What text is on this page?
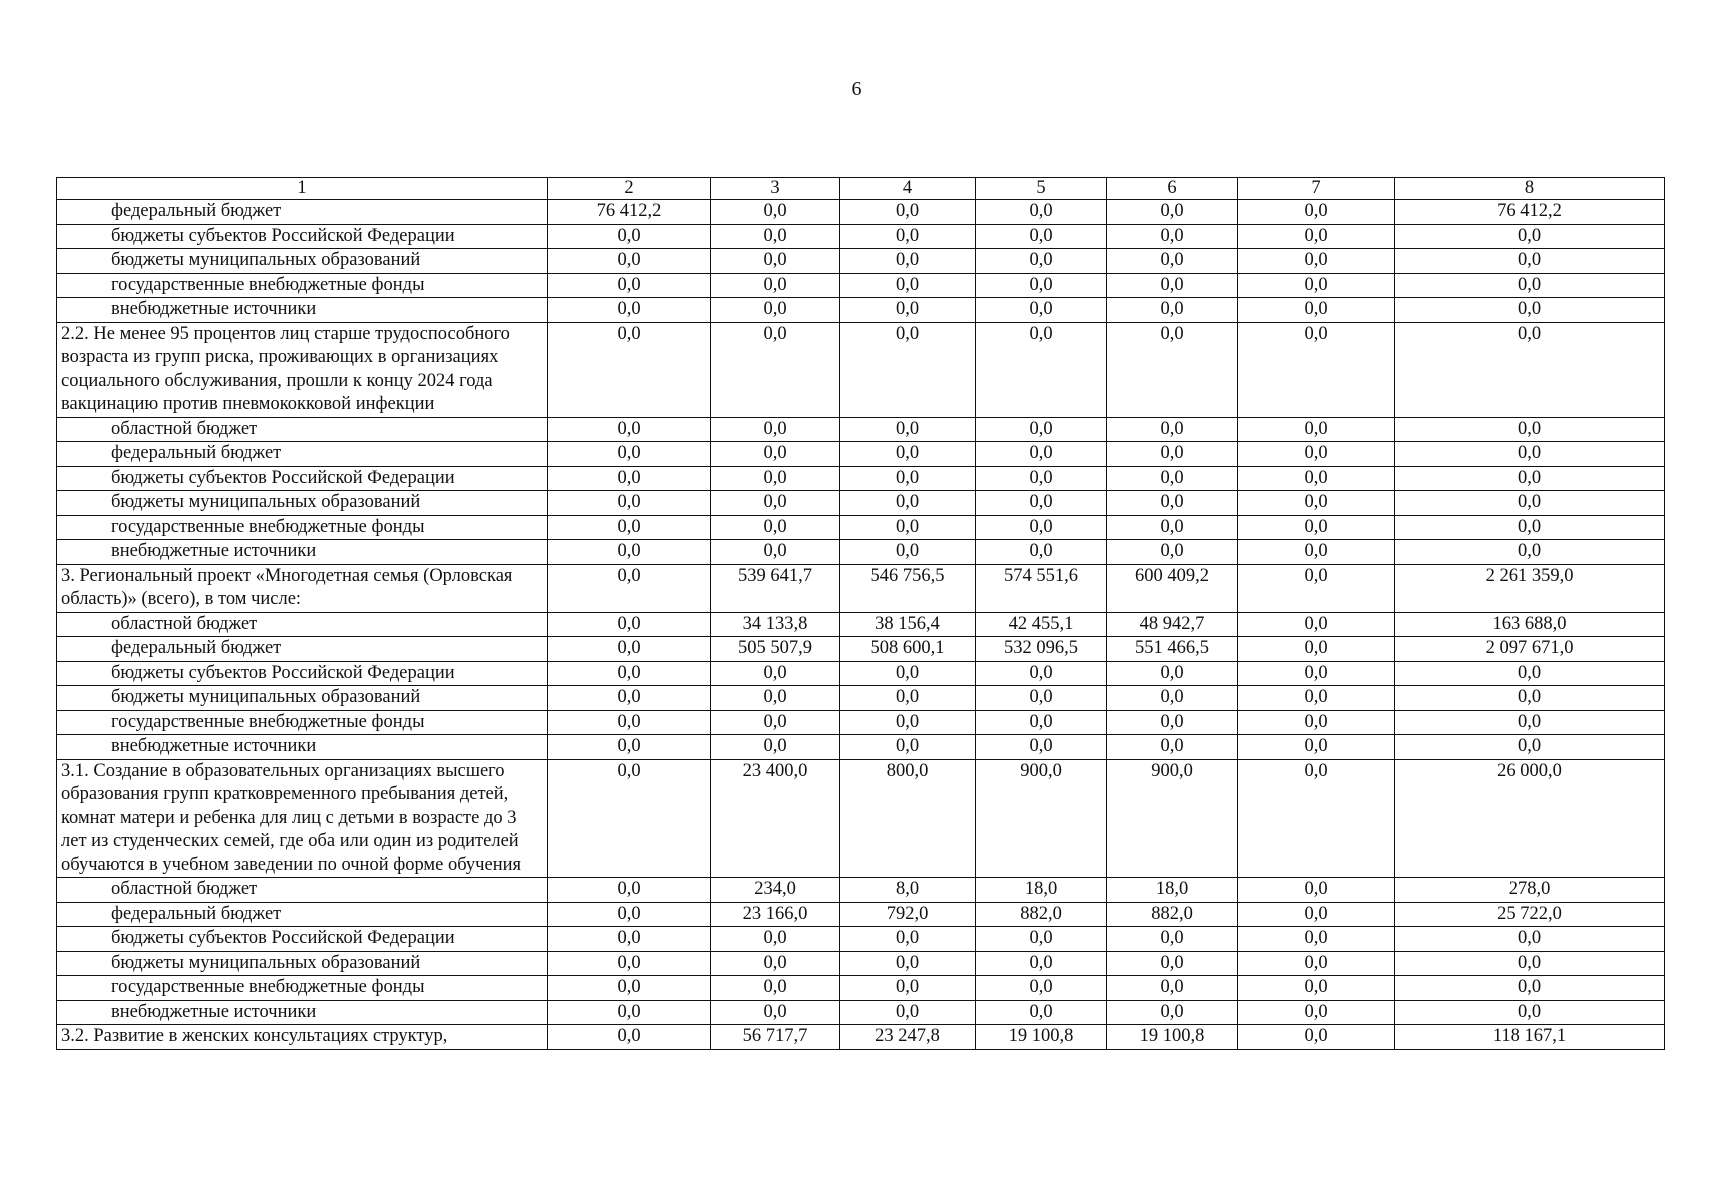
6
1	2	3	4	5	6	7	8
федеральный бюджет	76 412,2	0,0	0,0	0,0	0,0	0,0	76 412,2
бюджеты субъектов Российской Федерации	0,0	0,0	0,0	0,0	0,0	0,0	0,0
бюджеты муниципальных образований	0,0	0,0	0,0	0,0	0,0	0,0	0,0
государственные внебюджетные фонды	0,0	0,0	0,0	0,0	0,0	0,0	0,0
внебюджетные источники	0,0	0,0	0,0	0,0	0,0	0,0	0,0
2.2. Не менее 95 процентов лиц старше трудоспособного возраста из групп риска, проживающих в организациях социального обслуживания, прошли к концу 2024 года вакцинацию против пневмококковой инфекции	0,0	0,0	0,0	0,0	0,0	0,0	0,0
областной бюджет	0,0	0,0	0,0	0,0	0,0	0,0	0,0
федеральный бюджет	0,0	0,0	0,0	0,0	0,0	0,0	0,0
бюджеты субъектов Российской Федерации	0,0	0,0	0,0	0,0	0,0	0,0	0,0
бюджеты муниципальных образований	0,0	0,0	0,0	0,0	0,0	0,0	0,0
государственные внебюджетные фонды	0,0	0,0	0,0	0,0	0,0	0,0	0,0
внебюджетные источники	0,0	0,0	0,0	0,0	0,0	0,0	0,0
3. Региональный проект «Многодетная семья (Орловская область)» (всего), в том числе:	0,0	539 641,7	546 756,5	574 551,6	600 409,2	0,0	2 261 359,0
областной бюджет	0,0	34 133,8	38 156,4	42 455,1	48 942,7	0,0	163 688,0
федеральный бюджет	0,0	505 507,9	508 600,1	532 096,5	551 466,5	0,0	2 097 671,0
бюджеты субъектов Российской Федерации	0,0	0,0	0,0	0,0	0,0	0,0	0,0
бюджеты муниципальных образований	0,0	0,0	0,0	0,0	0,0	0,0	0,0
государственные внебюджетные фонды	0,0	0,0	0,0	0,0	0,0	0,0	0,0
внебюджетные источники	0,0	0,0	0,0	0,0	0,0	0,0	0,0
3.1. Создание в образовательных организациях высшего образования групп кратковременного пребывания детей, комнат матери и ребенка для лиц с детьми в возрасте до 3 лет из студенческих семей, где оба или один из родителей обучаются в учебном заведении по очной форме обучения	0,0	23 400,0	800,0	900,0	900,0	0,0	26 000,0
областной бюджет	0,0	234,0	8,0	18,0	18,0	0,0	278,0
федеральный бюджет	0,0	23 166,0	792,0	882,0	882,0	0,0	25 722,0
бюджеты субъектов Российской Федерации	0,0	0,0	0,0	0,0	0,0	0,0	0,0
бюджеты муниципальных образований	0,0	0,0	0,0	0,0	0,0	0,0	0,0
государственные внебюджетные фонды	0,0	0,0	0,0	0,0	0,0	0,0	0,0
внебюджетные источники	0,0	0,0	0,0	0,0	0,0	0,0	0,0
3.2. Развитие в женских консультациях структур,	0,0	56 717,7	23 247,8	19 100,8	19 100,8	0,0	118 167,1
